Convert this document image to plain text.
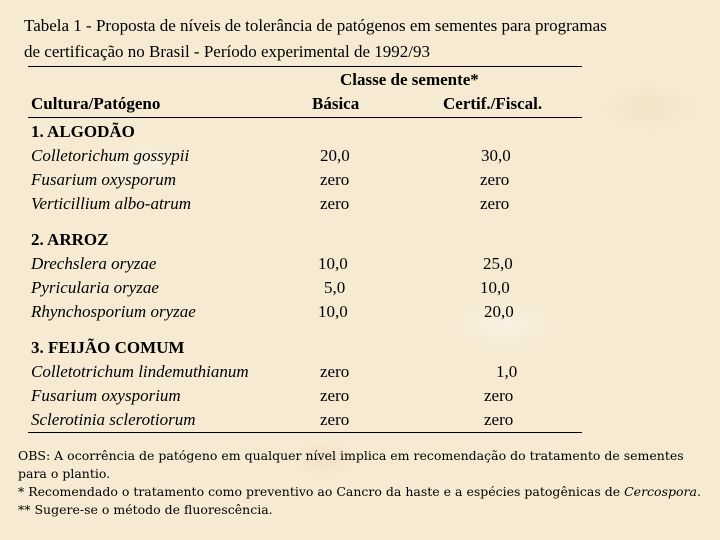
Tabela 1 - Proposta de níveis de tolerância de patógenos em sementes para programas
de certificação no Brasil - Período experimental de 1992/93
Classe de semente*
Cultura/Patógeno	Básica	Certif./Fiscal.
1. ALGODÃO
Colletorichum gossypii	20,0	30,0
Fusarium oxysporum	zero	zero
Verticillium albo-atrum	zero	zero
2. ARROZ
Drechslera oryzae	10,0	25,0
Pyricularia oryzae	5,0	10,0
Rhynchosporium oryzae	10,0	20,0
3. FEIJÃO COMUM
Colletotrichum lindemuthianum	zero	1,0
Fusarium oxysporium	zero	zero
Sclerotinia sclerotiorum	zero	zero

OBS: A ocorrência de patógeno em qualquer nível implica em recomendação do tratamento de sementes para o plantio.

* Recomendado o tratamento como preventivo ao Cancro da haste e a espécies patogênicas de Cercospora.

** Sugere-se o método de fluorescência.
